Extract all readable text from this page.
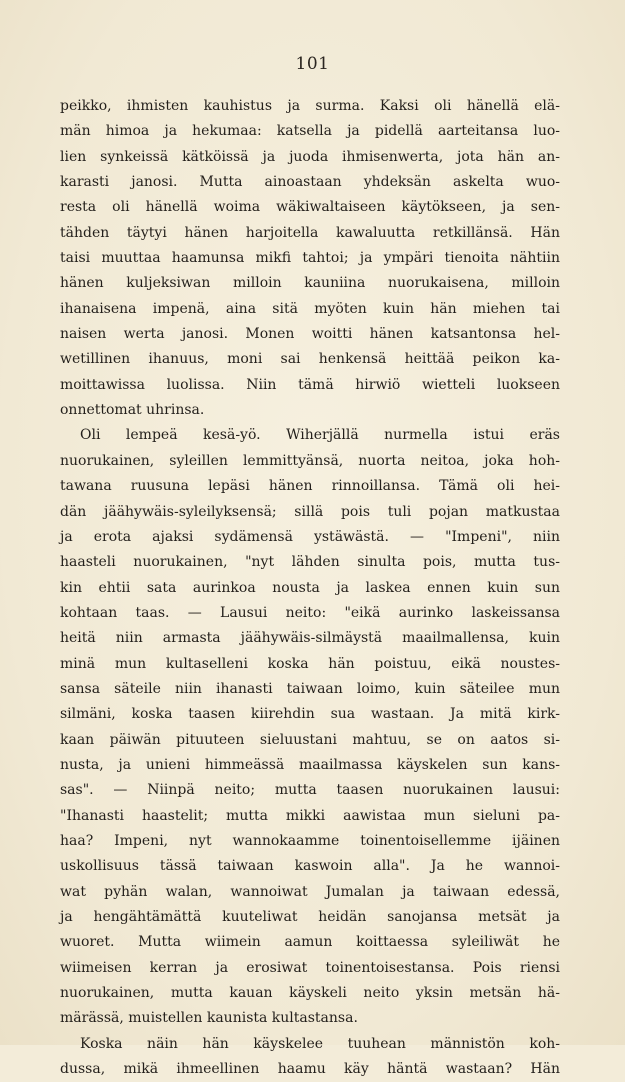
101
peikko, ihmisten kauhistus ja surma. Kaksi oli hänellä elä-
män himoa ja hekumaa: katsella ja pidellä aarteitansa luo-
lien synkeissä kätköissä ja juoda ihmisenwerta, jota hän an-
karasti janosi. Mutta ainoastaan yhdeksän askelta wuo-
resta oli hänellä woima wäkiwaltaiseen käytökseen, ja sen-
tähden täytyi hänen harjoitella kawaluutta retkillänsä. Hän
taisi muuttaa haamunsa mikfi tahtoi; ja ympäri tienoita nähtiin
hänen kuljeksiwan milloin kauniina nuorukaisena, milloin
ihanaisena impenä, aina sitä myöten kuin hän miehen tai
naisen werta janosi. Monen woitti hänen katsantonsa hel-
wetillinen ihanuus, moni sai henkensä heittää peikon ka-
moittawissa luolissa. Niin tämä hirwiö wietteli luokseen
onnettomat uhrinsa.
Oli lempeä kesä-yö. Wiherjällä nurmella istui eräs
nuorukainen, syleillen lemmittyänsä, nuorta neitoa, joka hoh-
tawana ruusuna lepäsi hänen rinnoillansa. Tämä oli hei-
dän jäähywäis-syleilyksensä; sillä pois tuli pojan matkustaa
ja erota ajaksi sydämensä ystäwästä. — "Impeni", niin
haasteli nuorukainen, "nyt lähden sinulta pois, mutta tus-
kin ehtii sata aurinkoa nousta ja laskea ennen kuin sun
kohtaan taas. — Lausui neito: "eikä aurinko laskeissansa
heitä niin armasta jäähywäis-silmäystä maailmallensa, kuin
minä mun kultaselleni koska hän poistuu, eikä noustes-
sansa säteile niin ihanasti taiwaan loimo, kuin säteilee mun
silmäni, koska taasen kiirehdin sua wastaan. Ja mitä kirk-
kaan päiwän pituuteen sieluustani mahtuu, se on aatos si-
nusta, ja unieni himmeässä maailmassa käyskelen sun kans-
sas". — Niinpä neito; mutta taasen nuorukainen lausui:
"Ihanasti haastelit; mutta mikki aawistaa mun sieluni pa-
haa? Impeni, nyt wannokaamme toinentoisellemme ijäinen
uskollisuus tässä taiwaan kaswoin alla". Ja he wannoi-
wat pyhän walan, wannoiwat Jumalan ja taiwaan edessä,
ja hengähtämättä kuuteliwat heidän sanojansa metsät ja
wuoret. Mutta wiimein aamun koittaessa syleiliwät he
wiimeisen kerran ja erosiwat toinentoisestansa. Pois riensi
nuorukainen, mutta kauan käyskeli neito yksin metsän hä-
märässä, muistellen kaunista kultastansa.
Koska näin hän käyskelee tuuhean männistön koh-
dussa, mikä ihmeellinen haamu käy häntä wastaan? Hän
